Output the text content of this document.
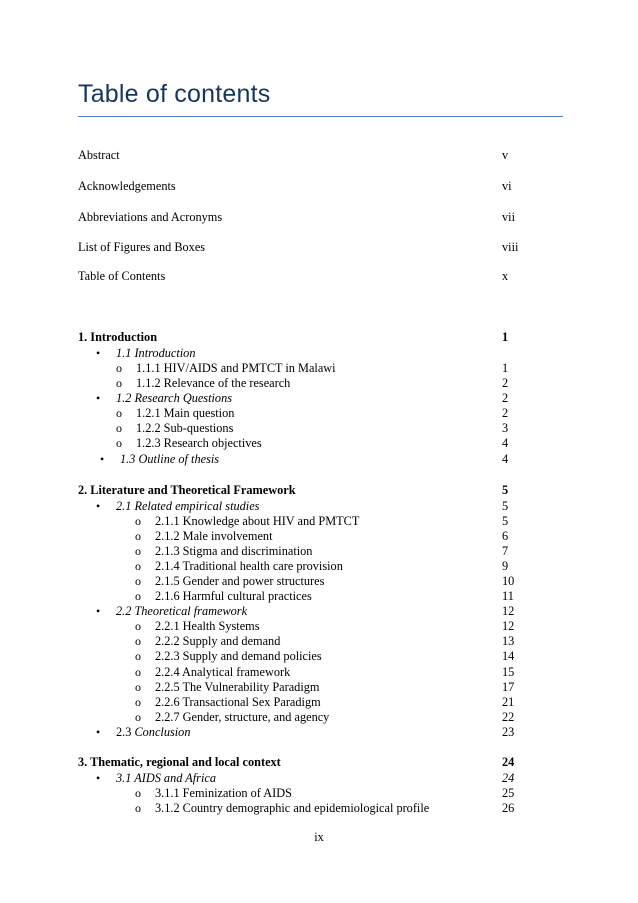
Table of contents
Abstract	v
Acknowledgements	vi
Abbreviations and Acronyms	vii
List of Figures and Boxes	viii
Table of Contents	x
1. Introduction	1
• 1.1 Introduction
o 1.1.1 HIV/AIDS and PMTCT in Malawi	1
o 1.1.2 Relevance of the research	2
• 1.2 Research Questions	2
o 1.2.1 Main question	2
o 1.2.2 Sub-questions	3
o 1.2.3 Research objectives	4
• 1.3 Outline of thesis	4
2. Literature and Theoretical Framework	5
• 2.1 Related empirical studies	5
o 2.1.1 Knowledge about HIV and PMTCT	5
o 2.1.2 Male involvement	6
o 2.1.3 Stigma and discrimination	7
o 2.1.4 Traditional health care provision	9
o 2.1.5 Gender and power structures	10
o 2.1.6 Harmful cultural practices	11
• 2.2 Theoretical framework	12
o 2.2.1 Health Systems	12
o 2.2.2 Supply and demand	13
o 2.2.3 Supply and demand policies	14
o 2.2.4 Analytical framework	15
o 2.2.5 The Vulnerability Paradigm	17
o 2.2.6 Transactional Sex Paradigm	21
o 2.2.7 Gender, structure, and agency	22
• 2.3 Conclusion	23
3. Thematic, regional and local context	24
• 3.1 AIDS and Africa	24
o 3.1.1 Feminization of AIDS	25
o 3.1.2 Country demographic and epidemiological profile	26
ix
